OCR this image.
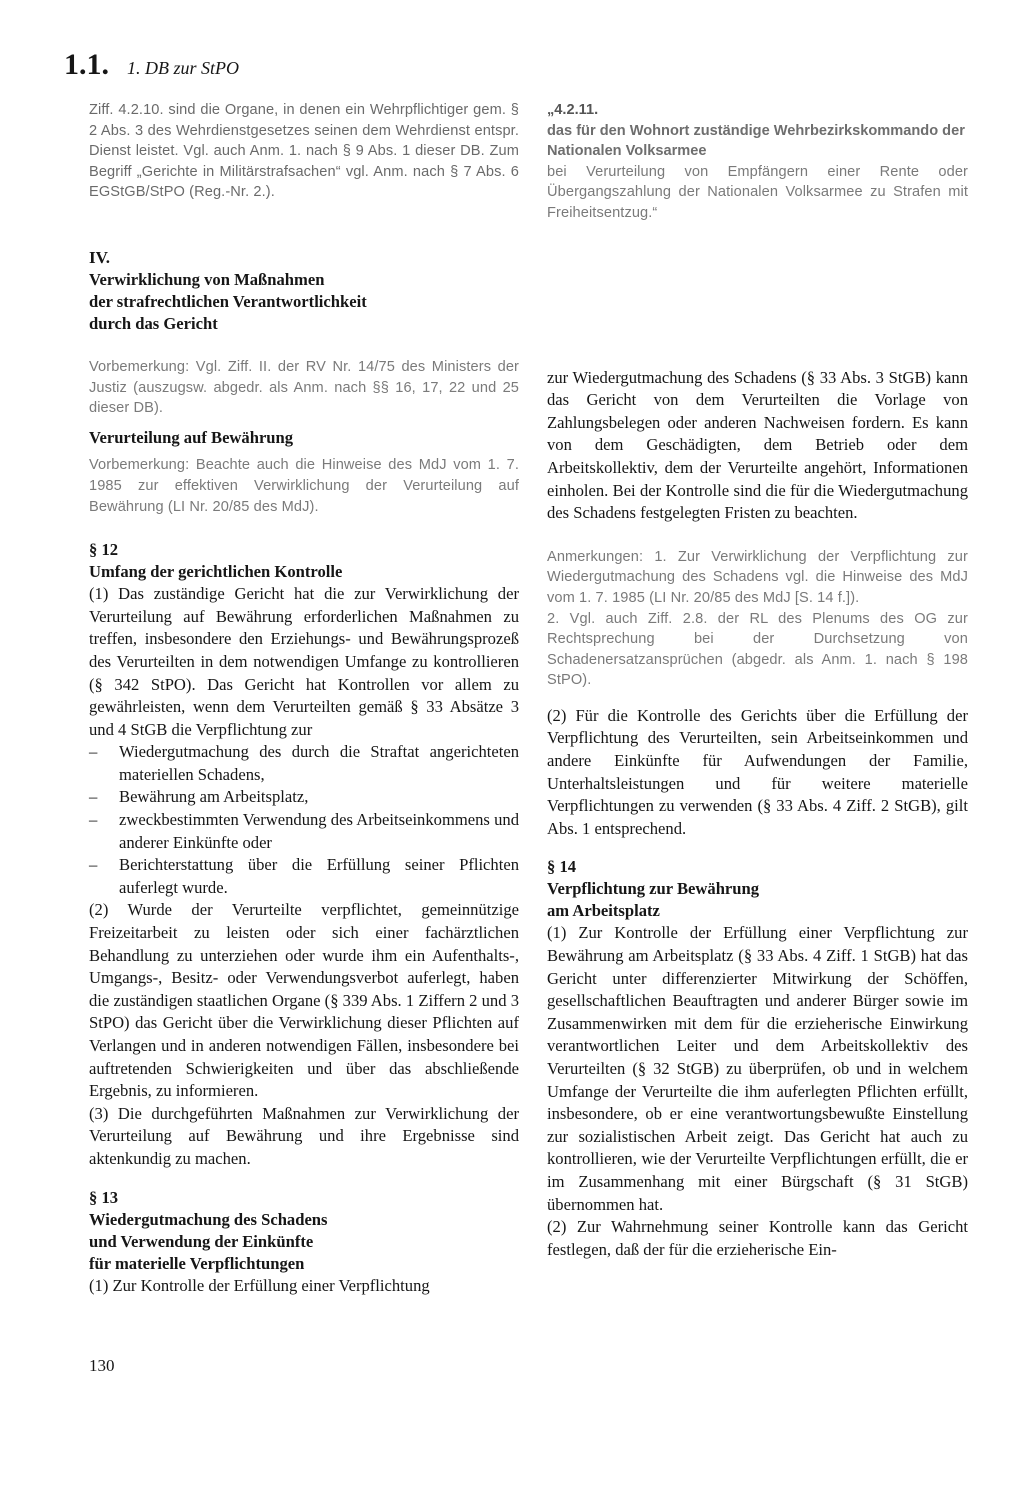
1.1. 1. DB zur StPO

Ziff. 4.2.10. sind die Organe, in denen ein Wehrpflichtiger gem. § 2 Abs. 3 des Wehrdienstgesetzes seinen dem Wehrdienst entspr. Dienst leistet. Vgl. auch Anm. 1. nach § 9 Abs. 1 dieser DB. Zum Begriff „Gerichte in Militärstrafsachen“ vgl. Anm. nach § 7 Abs. 6 EGStGB/StPO (Reg.-Nr. 2.).

IV.

Verwirklichung von Maßnahmen

der strafrechtlichen Verantwortlichkeit

durch das Gericht

Vorbemerkung: Vgl. Ziff. II. der RV Nr. 14/75 des Ministers der Justiz (auszugsw. abgedr. als Anm. nach §§ 16, 17, 22 und 25 dieser DB).

Verurteilung auf Bewährung

Vorbemerkung: Beachte auch die Hinweise des MdJ vom 1. 7. 1985 zur effektiven Verwirklichung der Verurteilung auf Bewährung (LI Nr. 20/85 des MdJ).

§ 12

Umfang der gerichtlichen Kontrolle

(1) Das zuständige Gericht hat die zur Verwirklichung der Verurteilung auf Bewährung erforderlichen Maßnahmen zu treffen, insbesondere den Erziehungs- und Bewährungsprozeß des Verurteilten in dem notwendigen Umfange zu kontrollieren (§ 342 StPO). Das Gericht hat Kontrollen vor allem zu gewährleisten, wenn dem Verurteilten gemäß § 33 Absätze 3 und 4 StGB die Verpflichtung zur

– Wiedergutmachung des durch die Straftat angerichteten materiellen Schadens,

– Bewährung am Arbeitsplatz,

– zweckbestimmten Verwendung des Arbeitseinkommens und anderer Einkünfte oder

– Berichterstattung über die Erfüllung seiner Pflichten auferlegt wurde.

(2) Wurde der Verurteilte verpflichtet, gemeinnützige Freizeitarbeit zu leisten oder sich einer fachärztlichen Behandlung zu unterziehen oder wurde ihm ein Aufenthalts-, Umgangs-, Besitz- oder Verwendungsverbot auferlegt, haben die zuständigen staatlichen Organe (§ 339 Abs. 1 Ziffern 2 und 3 StPO) das Gericht über die Verwirklichung dieser Pflichten auf Verlangen und in anderen notwendigen Fällen, insbesondere bei auftretenden Schwierigkeiten und über das abschließende Ergebnis, zu informieren.

(3) Die durchgeführten Maßnahmen zur Verwirklichung der Verurteilung auf Bewährung und ihre Ergebnisse sind aktenkundig zu machen.

§ 13

Wiedergutmachung des Schadens

und Verwendung der Einkünfte

für materielle Verpflichtungen

(1) Zur Kontrolle der Erfüllung einer Verpflichtung

„4.2.11.

das für den Wohnort zuständige Wehrbezirkskommando der Nationalen Volksarmee

bei Verurteilung von Empfängern einer Rente oder Übergangszahlung der Nationalen Volksarmee zu Strafen mit Freiheitsentzug.“

zur Wiedergutmachung des Schadens (§ 33 Abs. 3 StGB) kann das Gericht von dem Verurteilten die Vorlage von Zahlungsbelegen oder anderen Nachweisen fordern. Es kann von dem Geschädigten, dem Betrieb oder dem Arbeitskollektiv, dem der Verurteilte angehört, Informationen einholen. Bei der Kontrolle sind die für die Wiedergutmachung des Schadens festgelegten Fristen zu beachten.

Anmerkungen: 1. Zur Verwirklichung der Verpflichtung zur Wiedergutmachung des Schadens vgl. die Hinweise des MdJ vom 1. 7. 1985 (LI Nr. 20/85 des MdJ [S. 14 f.]).

2. Vgl. auch Ziff. 2.8. der RL des Plenums des OG zur Rechtsprechung bei der Durchsetzung von Schadenersatzansprüchen (abgedr. als Anm. 1. nach § 198 StPO).

(2) Für die Kontrolle des Gerichts über die Erfüllung der Verpflichtung des Verurteilten, sein Arbeitseinkommen und andere Einkünfte für Aufwendungen der Familie, Unterhaltsleistungen und für weitere materielle Verpflichtungen zu verwenden (§ 33 Abs. 4 Ziff. 2 StGB), gilt Abs. 1 entsprechend.

§ 14

Verpflichtung zur Bewährung

am Arbeitsplatz

(1) Zur Kontrolle der Erfüllung einer Verpflichtung zur Bewährung am Arbeitsplatz (§ 33 Abs. 4 Ziff. 1 StGB) hat das Gericht unter differenzierter Mitwirkung der Schöffen, gesellschaftlichen Beauftragten und anderer Bürger sowie im Zusammenwirken mit dem für die erzieherische Einwirkung verantwortlichen Leiter und dem Arbeitskollektiv des Verurteilten (§ 32 StGB) zu überprüfen, ob und in welchem Umfange der Verurteilte die ihm auferlegten Pflichten erfüllt, insbesondere, ob er eine verantwortungsbewußte Einstellung zur sozialistischen Arbeit zeigt. Das Gericht hat auch zu kontrollieren, wie der Verurteilte Verpflichtungen erfüllt, die er im Zusammenhang mit einer Bürgschaft (§ 31 StGB) übernommen hat.

(2) Zur Wahrnehmung seiner Kontrolle kann das Gericht festlegen, daß der für die erzieherische Ein-

130
